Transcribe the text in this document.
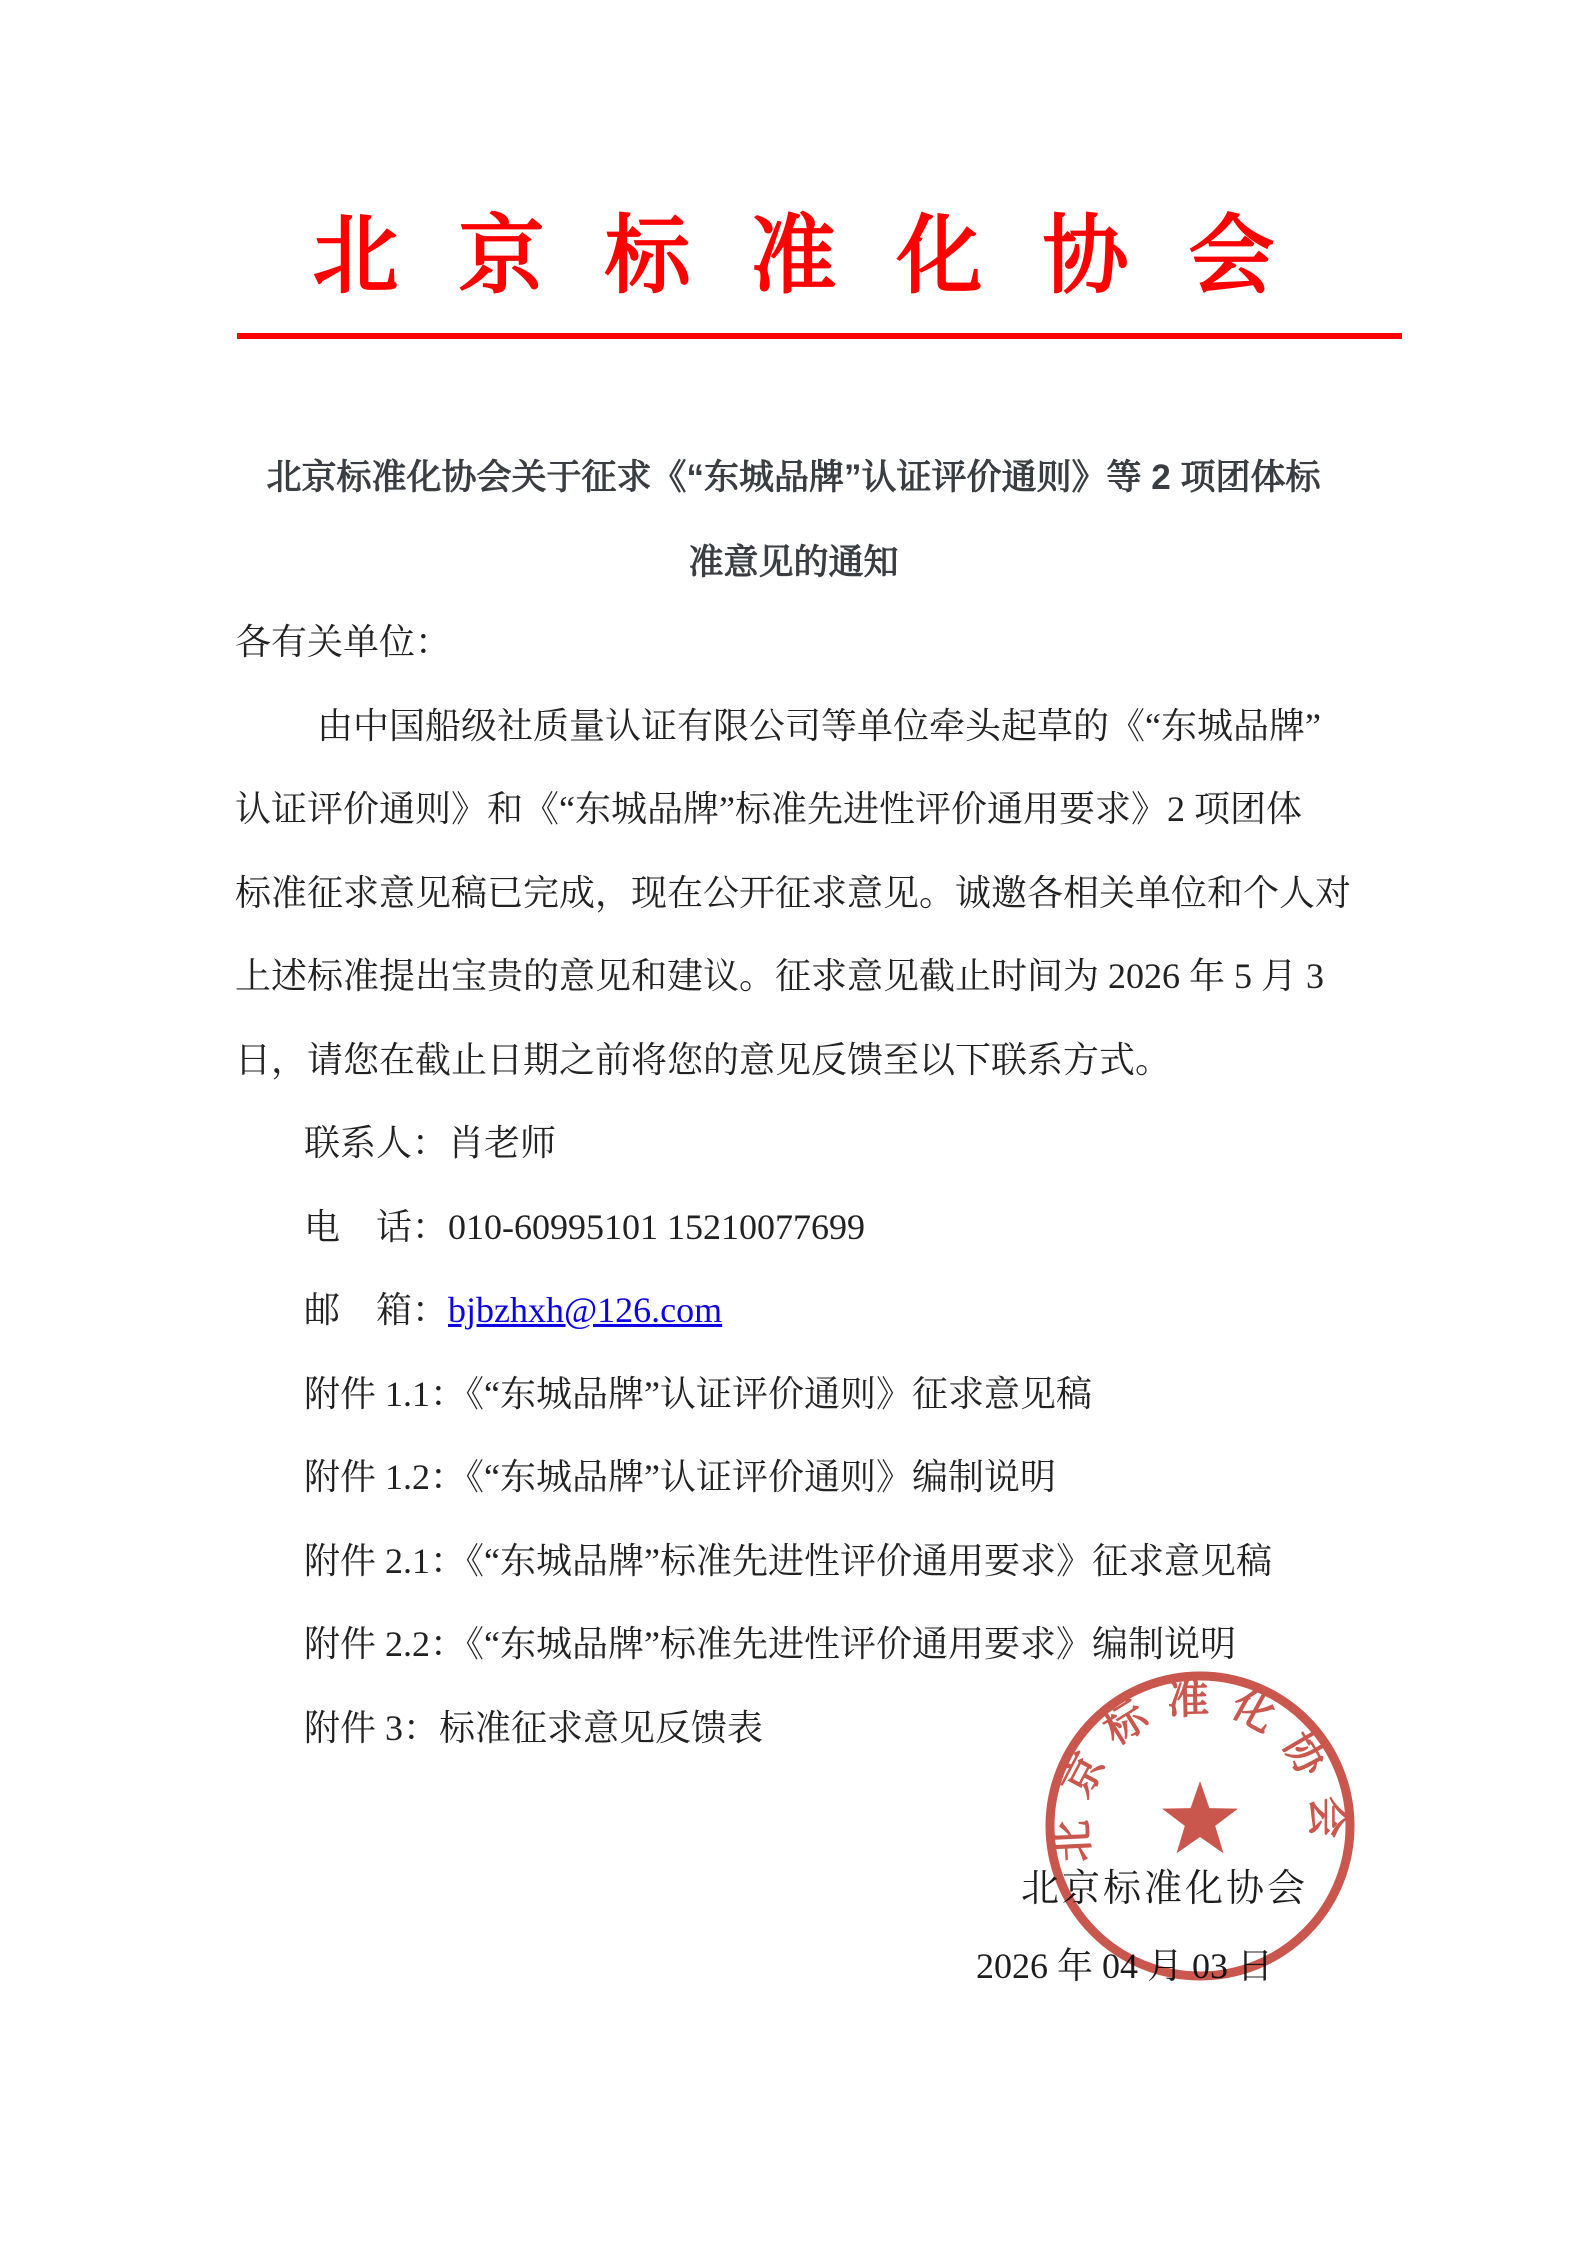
北京标准化协会
北京标准化协会关于征求《“东城品牌”认证评价通则》等 2 项团体标
准意见的通知
各有关单位：
由中国船级社质量认证有限公司等单位牵头起草的《“东城品牌”
认证评价通则》和《“东城品牌”标准先进性评价通用要求》2 项团体
标准征求意见稿已完成，现在公开征求意见。诚邀各相关单位和个人对
上述标准提出宝贵的意见和建议。征求意见截止时间为 2026 年 5 月 3
日，请您在截止日期之前将您的意见反馈至以下联系方式。
联系人：肖老师
电　话：010-60995101 15210077699
邮　箱：bjbzhxh@126.com
附件 1.1：《“东城品牌”认证评价通则》征求意见稿
附件 1.2：《“东城品牌”认证评价通则》编制说明
附件 2.1：《“东城品牌”标准先进性评价通用要求》征求意见稿
附件 2.2：《“东城品牌”标准先进性评价通用要求》编制说明
附件 3：标准征求意见反馈表
北京标准化协会
2026 年 04 月 03 日
北京标准化协会
